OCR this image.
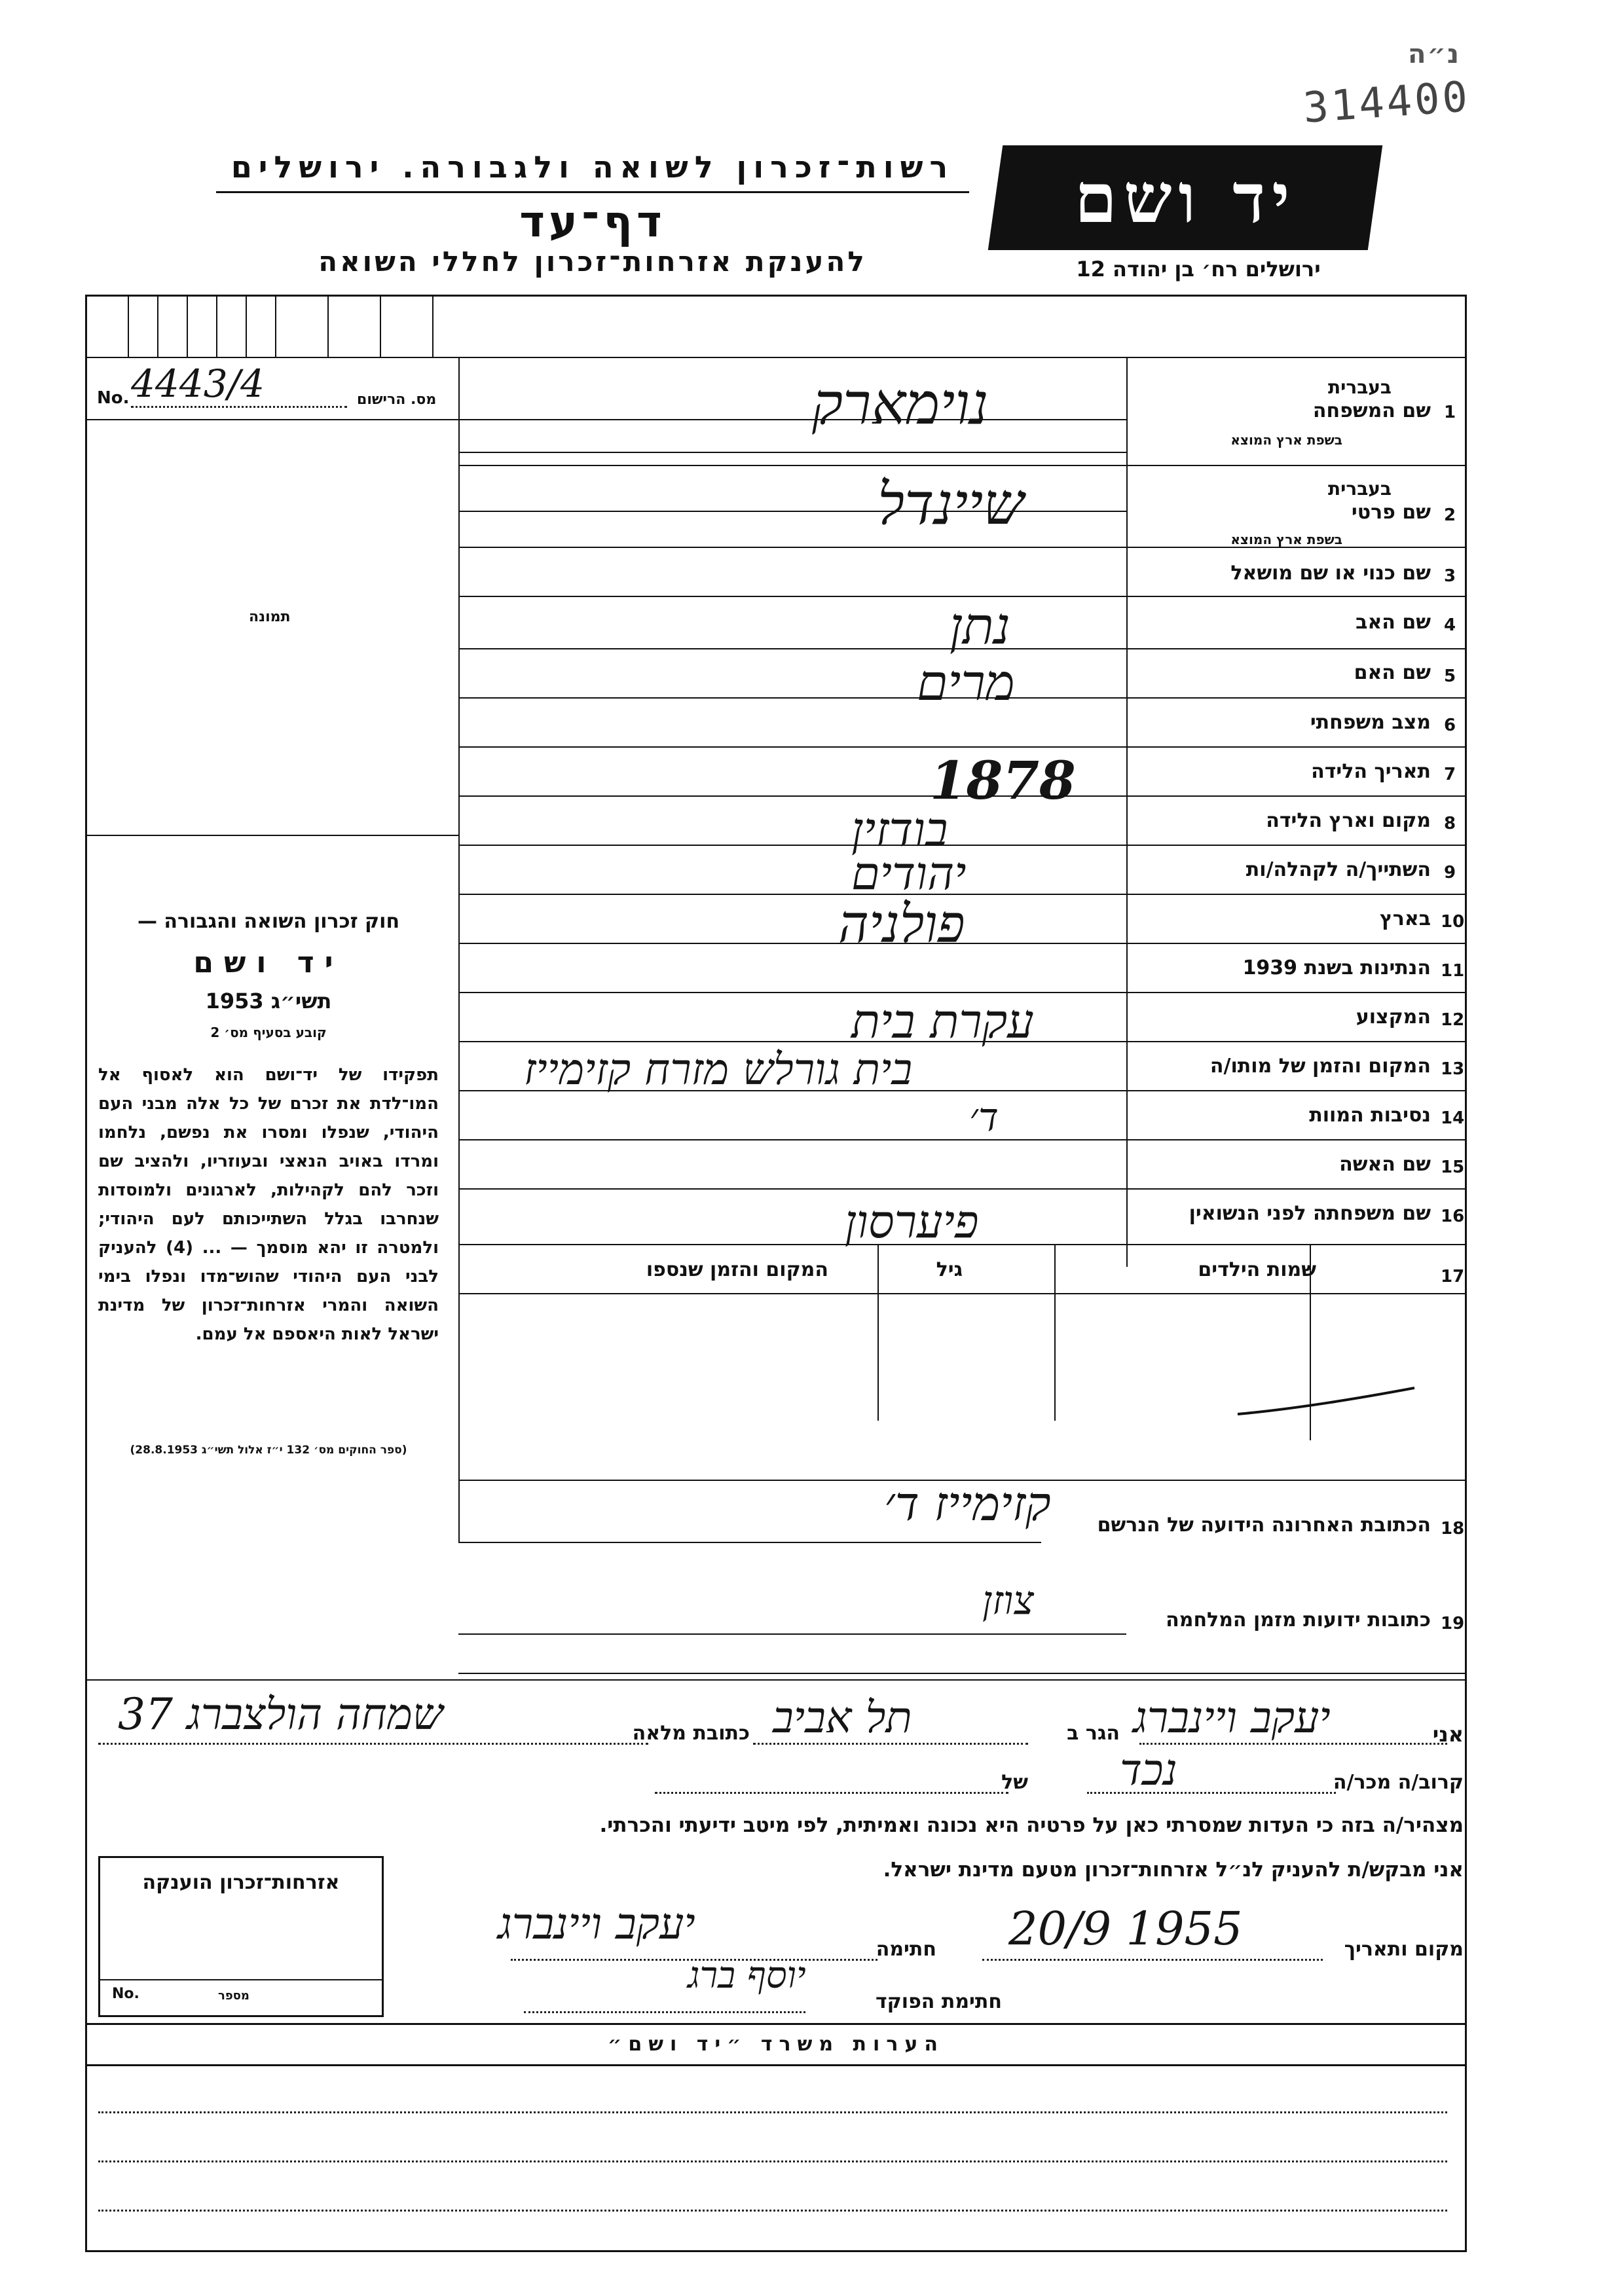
נ״ה
314400
רשות־זכרון לשואה ולגבורה. ירושלים
דף־עד
להענקת אזרחות־זכרון לחללי השואה
יד ושם
ירושלים רח׳ בן יהודה 12
No. 4443/4	מס. הרישום
תמונה
חוק זכרון השואה והגבורה —
יד ושם
תשי״ג 1953
קובע בסעיף מס׳ 2
תפקידו של יד־ושם הוא לאסוף אל המו־לדת את זכרם של כל אלה מבני העם היהודי, שנפלו ומסרו את נפשם, נלחמו ומרדו באויב הנאצי ובעוזריו, ולהציב שם וזכר להם לקהילות, לארגונים ולמוסדות שנחרבו בגלל השתייכותם לעם היהודי; ולמטרה זו יהא מוסמך — ... (4) להעניק לבני העם היהודי שהוש־מדו ונפלו בימי השואה והמרי אזרחות־זכרון של מדינת ישראל לאות היאספם אל עמם.
(ספר החוקים מס׳ 132 י״ז אלול תשי״ג 28.8.1953)
1
שם המשפחה
בעברית
בשפת ארץ המוצא
נוימארק
2
שם פרטי
בעברית
בשפת ארץ המוצא
שיינדל
3
שם כנוי או שם מושאל
4
שם האב
נתן
5
שם האם
מרים
6
מצב משפחתי
7
תאריך הלידה
1878
8
מקום וארץ הלידה
בודזין
9
השתייך/ה לקהלה/ות
יהודים
10
בארץ
פולניה
11
הנתינות בשנת 1939
12
המקצוע
עקרת בית
13
המקום והזמן של מותו/ה
בית גורלש מזרח קזימייז
14
נסיבות המוות
ד׳
15
שם האשה
16
שם משפחתה לפני הנשואין
פיערסון
17
שמות הילדים
גיל
המקום והזמן שנספו
18
הכתובת האחרונה הידועה של הנרשם
קזימייז ד׳
19
כתובות ידועות מזמן המלחמה
צוזן
אני
יעקב ויינברג
הגר ב
תל אביב
כתובת מלאה
שמחה הולצברג 37
קרוב/ה מכר/ה
נכד
של
מצהיר/ה בזה כי העדות שמסרתי כאן על פרטיה היא נכונה ואמיתית, לפי מיטב ידיעתי והכרתי.
אני מבקש/ת להעניק לנ״ל אזרחות־זכרון מטעם מדינת ישראל.
מקום ותאריך
20/9 1955
חתימה
יעקב ויינברג
חתימת הפוקד
יוסף ברג
אזרחות־זכרון הוענקה
No.	מספר
הערות משרד ״יד ושם״
